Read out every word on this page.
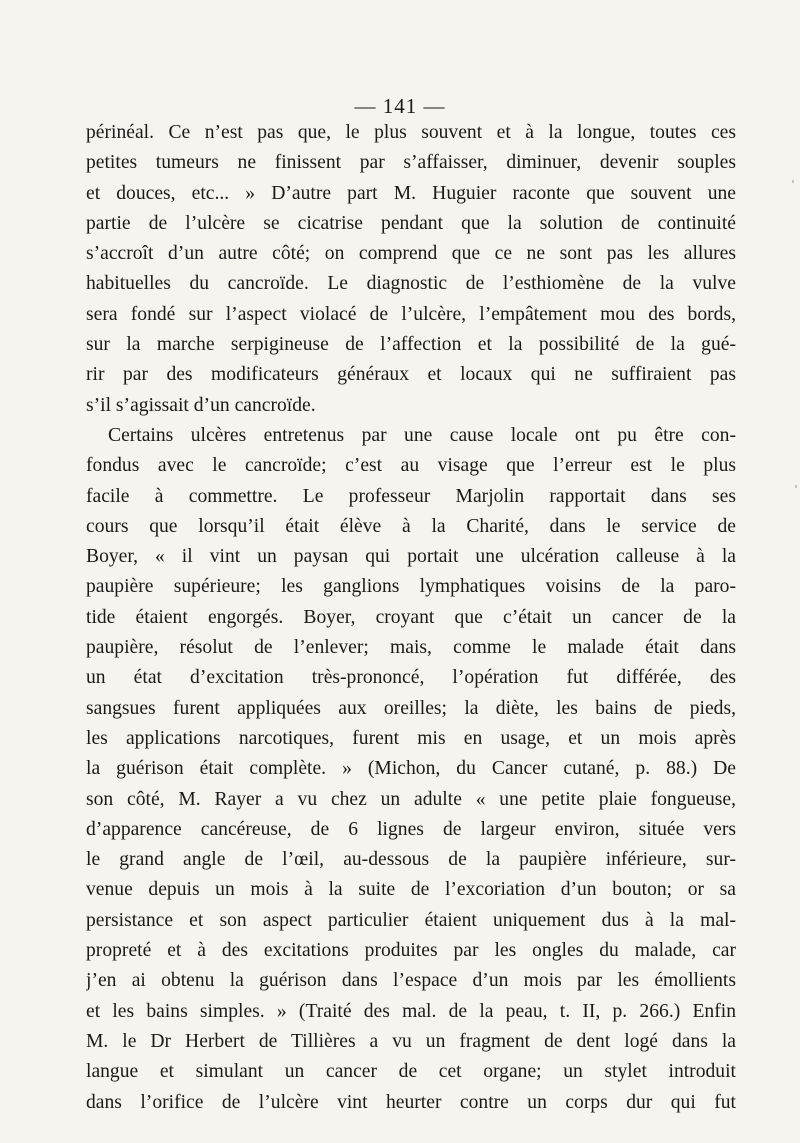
— 141 —
périnéal. Ce n’est pas que, le plus souvent et à la longue, toutes ces
petites tumeurs ne finissent par s’affaisser, diminuer, devenir souples
et douces, etc... » D’autre part M. Huguier raconte que souvent une
partie de l’ulcère se cicatrise pendant que la solution de continuité
s’accroît d’un autre côté; on comprend que ce ne sont pas les allures
habituelles du cancroïde. Le diagnostic de l’esthiomène de la vulve
sera fondé sur l’aspect violacé de l’ulcère, l’empâtement mou des bords,
sur la marche serpigineuse de l’affection et la possibilité de la gué-
rir par des modificateurs généraux et locaux qui ne suffiraient pas
s’il s’agissait d’un cancroïde.
Certains ulcères entretenus par une cause locale ont pu être con-
fondus avec le cancroïde; c’est au visage que l’erreur est le plus
facile à commettre. Le professeur Marjolin rapportait dans ses
cours que lorsqu’il était élève à la Charité, dans le service de
Boyer, « il vint un paysan qui portait une ulcération calleuse à la
paupière supérieure; les ganglions lymphatiques voisins de la paro-
tide étaient engorgés. Boyer, croyant que c’était un cancer de la
paupière, résolut de l’enlever; mais, comme le malade était dans
un état d’excitation très-prononcé, l’opération fut différée, des
sangsues furent appliquées aux oreilles; la diète, les bains de pieds,
les applications narcotiques, furent mis en usage, et un mois après
la guérison était complète. » (Michon, du Cancer cutané, p. 88.) De
son côté, M. Rayer a vu chez un adulte « une petite plaie fongueuse,
d’apparence cancéreuse, de 6 lignes de largeur environ, située vers
le grand angle de l’œil, au-dessous de la paupière inférieure, sur-
venue depuis un mois à la suite de l’excoriation d’un bouton; or sa
persistance et son aspect particulier étaient uniquement dus à la mal-
propreté et à des excitations produites par les ongles du malade, car
j’en ai obtenu la guérison dans l’espace d’un mois par les émollients
et les bains simples. » (Traité des mal. de la peau, t. II, p. 266.) Enfin
M. le Dr Herbert de Tillières a vu un fragment de dent logé dans la
langue et simulant un cancer de cet organe; un stylet introduit
dans l’orifice de l’ulcère vint heurter contre un corps dur qui fut
